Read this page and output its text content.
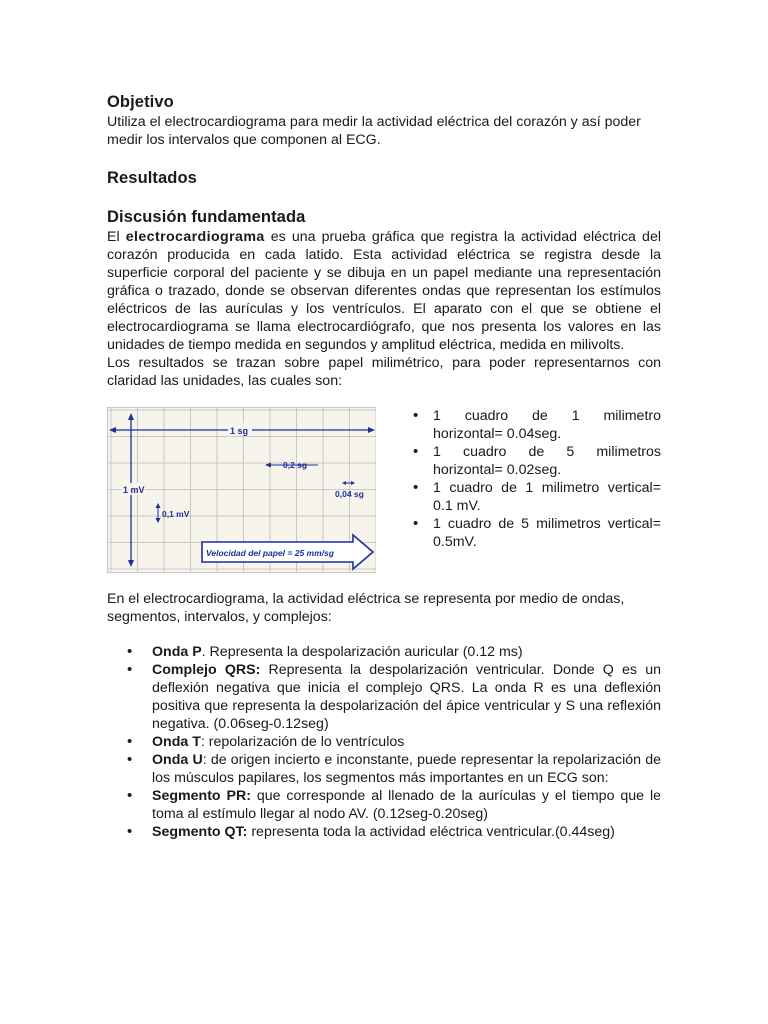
Objetivo

Utiliza el electrocardiograma para medir la actividad eléctrica del corazón y así poder medir los intervalos que componen al ECG.

Resultados
Discusión fundamentada

El electrocardiograma es una prueba gráfica que registra la actividad eléctrica del corazón producida en cada latido. Esta actividad eléctrica se registra desde la superficie corporal del paciente y se dibuja en un papel mediante una representación gráfica o trazado, donde se observan diferentes ondas que representan los estímulos eléctricos de las aurículas y los ventrículos. El aparato con el que se obtiene el electrocardiograma se llama electrocardiógrafo, que nos presenta los valores en las unidades de tiempo medida en segundos y amplitud eléctrica, medida en milivolts.

Los resultados se trazan sobre papel milimétrico, para poder representarnos con claridad las unidades, las cuales son:

1 sg
1 mV
0,2 sg
0,04 sg
0,1 mV
Velocidad del papel = 25 mm/sg
• 1 cuadro de 1 milimetro
horizontal= 0.04seg.
• 1 cuadro de 5 milimetros
horizontal= 0.02seg.
• 1 cuadro de 1 milimetro vertical=
0.1 mV.
• 1 cuadro de 5 milimetros vertical=
0.5mV.

En el electrocardiograma, la actividad eléctrica se representa por medio de ondas, segmentos, intervalos, y complejos:

• Onda P. Representa la despolarización auricular (0.12 ms)
• Complejo QRS: Representa la despolarización ventricular. Donde Q es un deflexión negativa que inicia el complejo QRS. La onda R es una deflexión positiva que representa la despolarización del ápice ventricular y S una reflexión negativa. (0.06seg-0.12seg)
• Onda T: repolarización de lo ventrículos
• Onda U: de origen incierto e inconstante, puede representar la repolarización de los músculos papilares, los segmentos más importantes en un ECG son:
• Segmento PR: que corresponde al llenado de la aurículas y el tiempo que le toma al estímulo llegar al nodo AV. (0.12seg-0.20seg)
• Segmento QT: representa toda la actividad eléctrica ventricular.(0.44seg)
